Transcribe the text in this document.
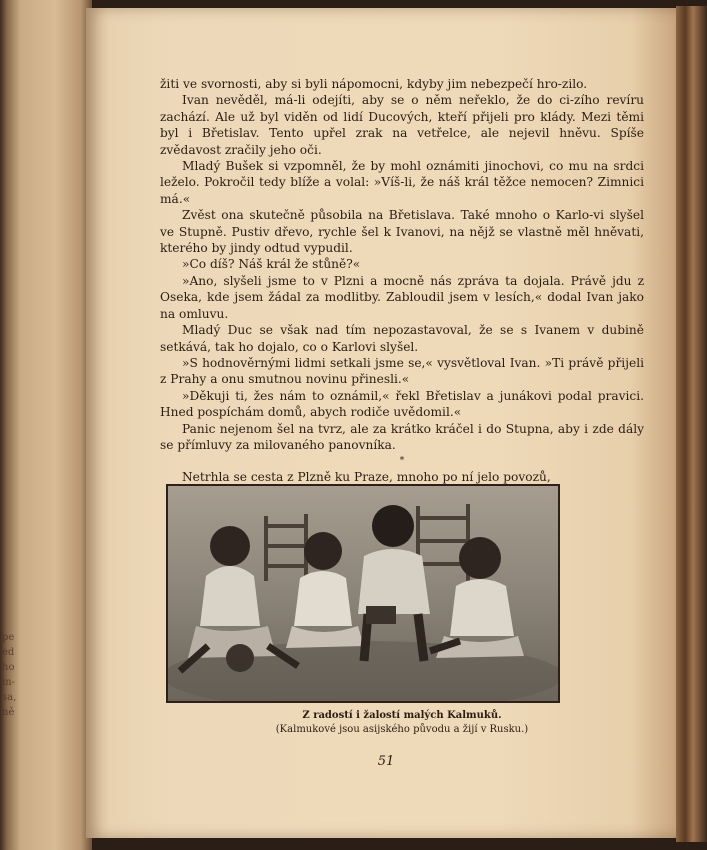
pe
ed
ho
in-
sa,
ně

žiti ve svornosti, aby si byli nápomocni, kdyby jim nebezpečí hro-zilo.

Ivan nevěděl, má-li odejíti, aby se o něm neřeklo, že do ci-zího revíru zachází. Ale už byl viděn od lidí Ducových, kteří přijeli pro klády. Mezi těmi byl i Břetislav. Tento upřel zrak na vetřelce, ale nejevil hněvu. Spíše zvědavost zračily jeho oči.

Mladý Bušek si vzpomněl, že by mohl oznámiti jinochovi, co mu na srdci leželo. Pokročil tedy blíže a volal: »Víš-li, že náš král těžce nemocen? Zimnici má.«

Zvěst ona skutečně působila na Břetislava. Také mnoho o Karlo-vi slyšel ve Stupně. Pustiv dřevo, rychle šel k Ivanovi, na nějž se vlastně měl hněvati, kterého by jindy odtud vypudil.

»Co díš? Náš král že stůně?«

»Ano, slyšeli jsme to v Plzni a mocně nás zpráva ta dojala. Právě jdu z Oseka, kde jsem žádal za modlitby. Zabloudil jsem v lesích,« dodal Ivan jako na omluvu.

Mladý Duc se však nad tím nepozastavoval, že se s Ivanem v dubině setkává, tak ho dojalo, co o Karlovi slyšel.

»S hodnověrnými lidmi setkali jsme se,« vysvětloval Ivan. »Ti právě přijeli z Prahy a onu smutnou novinu přinesli.«

»Děkuji ti, žes nám to oznámil,« řekl Břetislav a junákovi podal pravici. Hned pospíchám domů, abych rodiče uvědomil.«

Panic nejenom šel na tvrz, ale za krátko kráčel i do Stupna, aby i zde dály se přímluvy za milovaného panovníka.

*

Netrhla se cesta z Plzně ku Praze, mnoho po ní jelo povozů,

Z radostí i žalostí malých Kalmuků.
(Kalmukové jsou asijského původu a žijí v Rusku.)
51
